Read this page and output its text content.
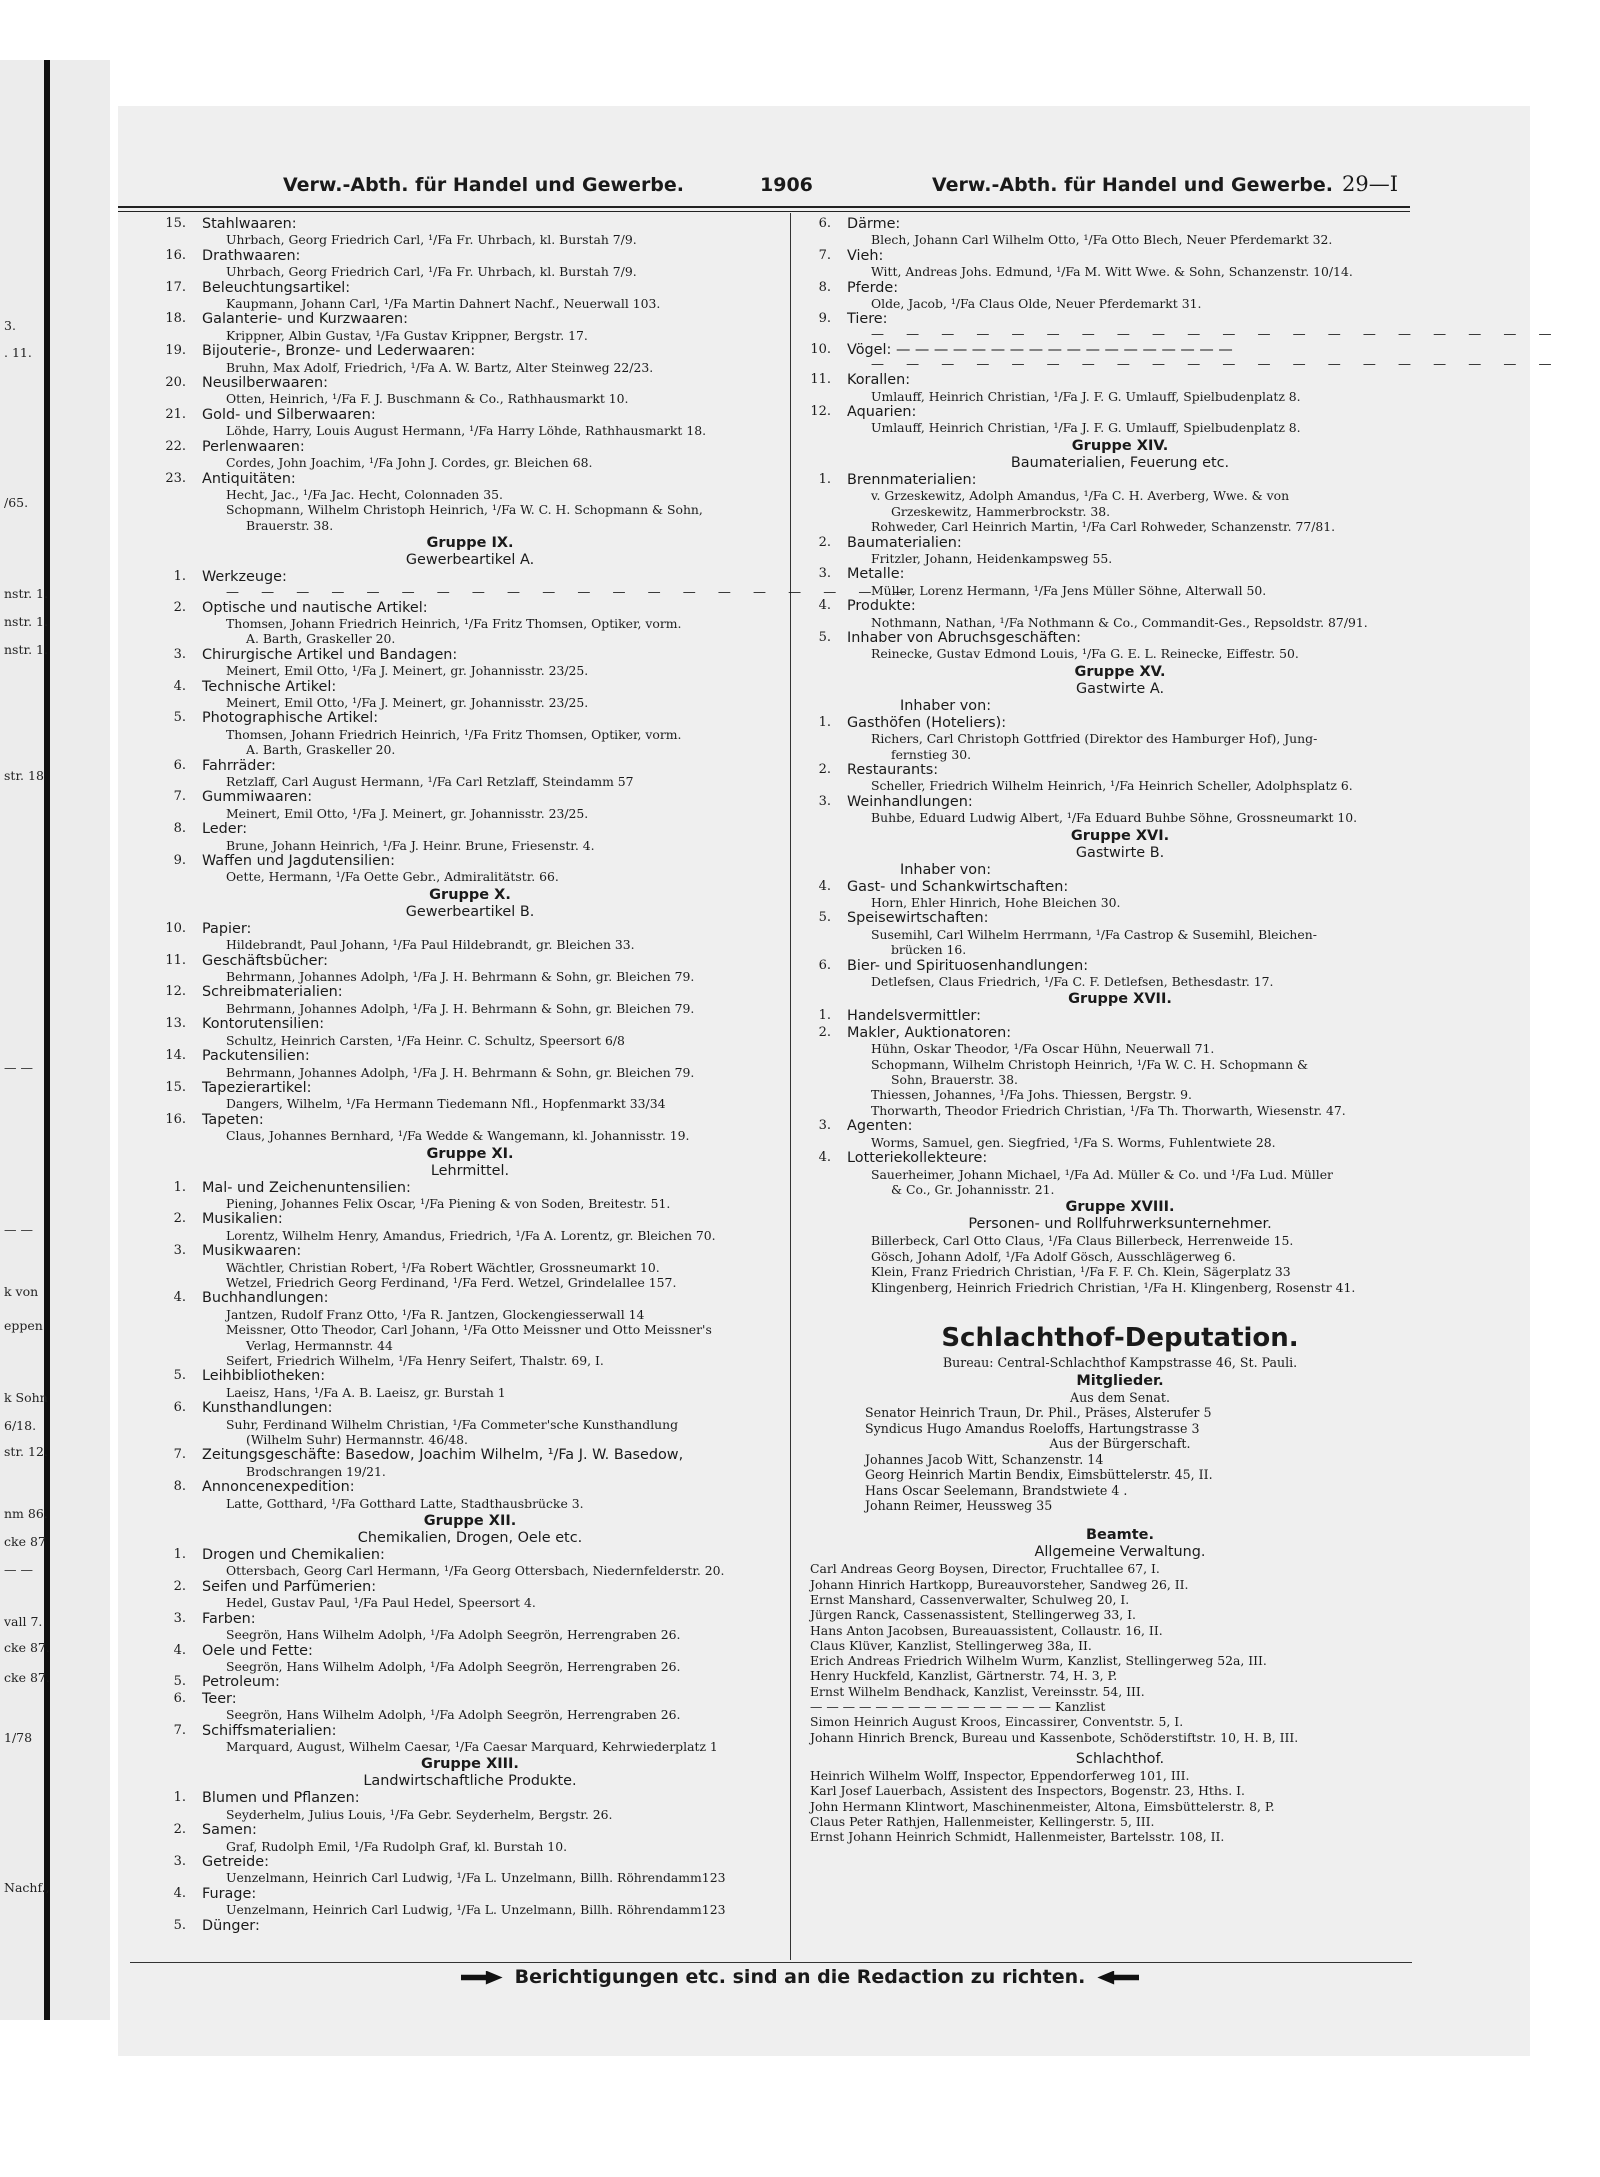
3.
. 11.
/65.
nstr. 1.
nstr. 1.
nstr. 1.
str. 18
— —
— —
k von
eppen
k Sohn
6/18.
str. 12.
nm 86.
cke 87
— —
vall 7.
cke 87.
cke 87.
1/78
Nachf.,
Verw.-Abth. für Handel und Gewerbe.	1906	Verw.-Abth. für Handel und Gewerbe. 29—I
15. Stahlwaaren:
Uhrbach, Georg Friedrich Carl, ¹/Fa Fr. Uhrbach, kl. Burstah 7/9.
16. Drathwaaren:
Uhrbach, Georg Friedrich Carl, ¹/Fa Fr. Uhrbach, kl. Burstah 7/9.
17. Beleuchtungsartikel:
Kaupmann, Johann Carl, ¹/Fa Martin Dahnert Nachf., Neuerwall 103.
18. Galanterie- und Kurzwaaren:
Krippner, Albin Gustav, ¹/Fa Gustav Krippner, Bergstr. 17.
19. Bijouterie-, Bronze- und Lederwaaren:
Bruhn, Max Adolf, Friedrich, ¹/Fa A. W. Bartz, Alter Steinweg 22/23.
20. Neusilberwaaren:
Otten, Heinrich, ¹/Fa F. J. Buschmann & Co., Rathhausmarkt 10.
21. Gold- und Silberwaaren:
Löhde, Harry, Louis August Hermann, ¹/Fa Harry Löhde, Rathhausmarkt 18.
22. Perlenwaaren:
Cordes, John Joachim, ¹/Fa John J. Cordes, gr. Bleichen 68.
23. Antiquitäten:
Hecht, Jac., ¹/Fa Jac. Hecht, Colonnaden 35.
Schopmann, Wilhelm Christoph Heinrich, ¹/Fa W. C. H. Schopmann & Sohn,
Brauerstr. 38.
Gruppe IX.
Gewerbeartikel A.
1. Werkzeuge:
— — — — — — — — — — — — — — — — — — — —
2. Optische und nautische Artikel:
Thomsen, Johann Friedrich Heinrich, ¹/Fa Fritz Thomsen, Optiker, vorm.
A. Barth, Graskeller 20.
3. Chirurgische Artikel und Bandagen:
Meinert, Emil Otto, ¹/Fa J. Meinert, gr. Johannisstr. 23/25.
4. Technische Artikel:
Meinert, Emil Otto, ¹/Fa J. Meinert, gr. Johannisstr. 23/25.
5. Photographische Artikel:
Thomsen, Johann Friedrich Heinrich, ¹/Fa Fritz Thomsen, Optiker, vorm.
A. Barth, Graskeller 20.
6. Fahrräder:
Retzlaff, Carl August Hermann, ¹/Fa Carl Retzlaff, Steindamm 57
7. Gummiwaaren:
Meinert, Emil Otto, ¹/Fa J. Meinert, gr. Johannisstr. 23/25.
8. Leder:
Brune, Johann Heinrich, ¹/Fa J. Heinr. Brune, Friesenstr. 4.
9. Waffen und Jagdutensilien:
Oette, Hermann, ¹/Fa Oette Gebr., Admiralitätstr. 66.
Gruppe X.
Gewerbeartikel B.
10. Papier:
Hildebrandt, Paul Johann, ¹/Fa Paul Hildebrandt, gr. Bleichen 33.
11. Geschäftsbücher:
Behrmann, Johannes Adolph, ¹/Fa J. H. Behrmann & Sohn, gr. Bleichen 79.
12. Schreibmaterialien:
Behrmann, Johannes Adolph, ¹/Fa J. H. Behrmann & Sohn, gr. Bleichen 79.
13. Kontorutensilien:
Schultz, Heinrich Carsten, ¹/Fa Heinr. C. Schultz, Speersort 6/8
14. Packutensilien:
Behrmann, Johannes Adolph, ¹/Fa J. H. Behrmann & Sohn, gr. Bleichen 79.
15. Tapezierartikel:
Dangers, Wilhelm, ¹/Fa Hermann Tiedemann Nfl., Hopfenmarkt 33/34
16. Tapeten:
Claus, Johannes Bernhard, ¹/Fa Wedde & Wangemann, kl. Johannisstr. 19.
Gruppe XI.
Lehrmittel.
1. Mal- und Zeichenuntensilien:
Piening, Johannes Felix Oscar, ¹/Fa Piening & von Soden, Breitestr. 51.
2. Musikalien:
Lorentz, Wilhelm Henry, Amandus, Friedrich, ¹/Fa A. Lorentz, gr. Bleichen 70.
3. Musikwaaren:
Wächtler, Christian Robert, ¹/Fa Robert Wächtler, Grossneumarkt 10.
Wetzel, Friedrich Georg Ferdinand, ¹/Fa Ferd. Wetzel, Grindelallee 157.
4. Buchhandlungen:
Jantzen, Rudolf Franz Otto, ¹/Fa R. Jantzen, Glockengiesserwall 14
Meissner, Otto Theodor, Carl Johann, ¹/Fa Otto Meissner und Otto Meissner's
Verlag, Hermannstr. 44
Seifert, Friedrich Wilhelm, ¹/Fa Henry Seifert, Thalstr. 69, I.
5. Leihbibliotheken:
Laeisz, Hans, ¹/Fa A. B. Laeisz, gr. Burstah 1
6. Kunsthandlungen:
Suhr, Ferdinand Wilhelm Christian, ¹/Fa Commeter'sche Kunsthandlung
(Wilhelm Suhr) Hermannstr. 46/48.
7. Zeitungsgeschäfte: Basedow, Joachim Wilhelm, ¹/Fa J. W. Basedow,
Brodschrangen 19/21.
8. Annoncenexpedition:
Latte, Gotthard, ¹/Fa Gotthard Latte, Stadthausbrücke 3.
Gruppe XII.
Chemikalien, Drogen, Oele etc.
1. Drogen und Chemikalien:
Ottersbach, Georg Carl Hermann, ¹/Fa Georg Ottersbach, Niedernfelderstr. 20.
2. Seifen und Parfümerien:
Hedel, Gustav Paul, ¹/Fa Paul Hedel, Speersort 4.
3. Farben:
Seegrön, Hans Wilhelm Adolph, ¹/Fa Adolph Seegrön, Herrengraben 26.
4. Oele und Fette:
Seegrön, Hans Wilhelm Adolph, ¹/Fa Adolph Seegrön, Herrengraben 26.
5. Petroleum:
6. Teer:
Seegrön, Hans Wilhelm Adolph, ¹/Fa Adolph Seegrön, Herrengraben 26.
7. Schiffsmaterialien:
Marquard, August, Wilhelm Caesar, ¹/Fa Caesar Marquard, Kehrwiederplatz 1
Gruppe XIII.
Landwirtschaftliche Produkte.
1. Blumen und Pflanzen:
Seyderhelm, Julius Louis, ¹/Fa Gebr. Seyderhelm, Bergstr. 26.
2. Samen:
Graf, Rudolph Emil, ¹/Fa Rudolph Graf, kl. Burstah 10.
3. Getreide:
Uenzelmann, Heinrich Carl Ludwig, ¹/Fa L. Unzelmann, Billh. Röhrendamm123
4. Furage:
Uenzelmann, Heinrich Carl Ludwig, ¹/Fa L. Unzelmann, Billh. Röhrendamm123
5. Dünger:
6. Därme:
Blech, Johann Carl Wilhelm Otto, ¹/Fa Otto Blech, Neuer Pferdemarkt 32.
7. Vieh:
Witt, Andreas Johs. Edmund, ¹/Fa M. Witt Wwe. & Sohn, Schanzenstr. 10/14.
8. Pferde:
Olde, Jacob, ¹/Fa Claus Olde, Neuer Pferdemarkt 31.
9. Tiere:
— — — — — — — — — — — — — — — — — — — —
10. Vögel: — — — — — — — — — — — — — — — — — —
— — — — — — — — — — — — — — — — — — — —
11. Korallen:
Umlauff, Heinrich Christian, ¹/Fa J. F. G. Umlauff, Spielbudenplatz 8.
12. Aquarien:
Umlauff, Heinrich Christian, ¹/Fa J. F. G. Umlauff, Spielbudenplatz 8.
Gruppe XIV.
Baumaterialien, Feuerung etc.
1. Brennmaterialien:
v. Grzeskewitz, Adolph Amandus, ¹/Fa C. H. Averberg, Wwe. & von
Grzeskewitz, Hammerbrockstr. 38.
Rohweder, Carl Heinrich Martin, ¹/Fa Carl Rohweder, Schanzenstr. 77/81.
2. Baumaterialien:
Fritzler, Johann, Heidenkampsweg 55.
3. Metalle:
Müller, Lorenz Hermann, ¹/Fa Jens Müller Söhne, Alterwall 50.
4. Produkte:
Nothmann, Nathan, ¹/Fa Nothmann & Co., Commandit-Ges., Repsoldstr. 87/91.
5. Inhaber von Abruchsgeschäften:
Reinecke, Gustav Edmond Louis, ¹/Fa G. E. L. Reinecke, Eiffestr. 50.
Gruppe XV.
Gastwirte A.
Inhaber von:
1. Gasthöfen (Hoteliers):
Richers, Carl Christoph Gottfried (Direktor des Hamburger Hof), Jung-
fernstieg 30.
2. Restaurants:
Scheller, Friedrich Wilhelm Heinrich, ¹/Fa Heinrich Scheller, Adolphsplatz 6.
3. Weinhandlungen:
Buhbe, Eduard Ludwig Albert, ¹/Fa Eduard Buhbe Söhne, Grossneumarkt 10.
Gruppe XVI.
Gastwirte B.
Inhaber von:
4. Gast- und Schankwirtschaften:
Horn, Ehler Hinrich, Hohe Bleichen 30.
5. Speisewirtschaften:
Susemihl, Carl Wilhelm Herrmann, ¹/Fa Castrop & Susemihl, Bleichen-
brücken 16.
6. Bier- und Spirituosenhandlungen:
Detlefsen, Claus Friedrich, ¹/Fa C. F. Detlefsen, Bethesdastr. 17.
Gruppe XVII.
1. Handelsvermittler:
2. Makler, Auktionatoren:
Hühn, Oskar Theodor, ¹/Fa Oscar Hühn, Neuerwall 71.
Schopmann, Wilhelm Christoph Heinrich, ¹/Fa W. C. H. Schopmann &
Sohn, Brauerstr. 38.
Thiessen, Johannes, ¹/Fa Johs. Thiessen, Bergstr. 9.
Thorwarth, Theodor Friedrich Christian, ¹/Fa Th. Thorwarth, Wiesenstr. 47.
3. Agenten:
Worms, Samuel, gen. Siegfried, ¹/Fa S. Worms, Fuhlentwiete 28.
4. Lotteriekollekteure:
Sauerheimer, Johann Michael, ¹/Fa Ad. Müller & Co. und ¹/Fa Lud. Müller
& Co., Gr. Johannisstr. 21.
Gruppe XVIII.
Personen- und Rollfuhrwerksunternehmer.
Billerbeck, Carl Otto Claus, ¹/Fa Claus Billerbeck, Herrenweide 15.
Gösch, Johann Adolf, ¹/Fa Adolf Gösch, Ausschlägerweg 6.
Klein, Franz Friedrich Christian, ¹/Fa F. F. Ch. Klein, Sägerplatz 33
Klingenberg, Heinrich Friedrich Christian, ¹/Fa H. Klingenberg, Rosenstr 41.
Schlachthof-Deputation.
Bureau: Central-Schlachthof Kampstrasse 46, St. Pauli.
Mitglieder.
Aus dem Senat.
Senator Heinrich Traun, Dr. Phil., Präses, Alsterufer 5
Syndicus Hugo Amandus Roeloffs, Hartungstrasse 3
Aus der Bürgerschaft.
Johannes Jacob Witt, Schanzenstr. 14
Georg Heinrich Martin Bendix, Eimsbüttelerstr. 45, II.
Hans Oscar Seelemann, Brandstwiete 4 .
Johann Reimer, Heussweg 35
Beamte.
Allgemeine Verwaltung.
Carl Andreas Georg Boysen, Director, Fruchtallee 67, I.
Johann Hinrich Hartkopp, Bureauvorsteher, Sandweg 26, II.
Ernst Manshard, Cassenverwalter, Schulweg 20, I.
Jürgen Ranck, Cassenassistent, Stellingerweg 33, I.
Hans Anton Jacobsen, Bureauassistent, Collaustr. 16, II.
Claus Klüver, Kanzlist, Stellingerweg 38a, II.
Erich Andreas Friedrich Wilhelm Wurm, Kanzlist, Stellingerweg 52a, III.
Henry Huckfeld, Kanzlist, Gärtnerstr. 74, H. 3, P.
Ernst Wilhelm Bendhack, Kanzlist, Vereinsstr. 54, III.
— — — — — — — — — — — — — — — Kanzlist
Simon Heinrich August Kroos, Eincassirer, Conventstr. 5, I.
Johann Hinrich Brenck, Bureau und Kassenbote, Schöderstiftstr. 10, H. B, III.
Schlachthof.
Heinrich Wilhelm Wolff, Inspector, Eppendorferweg 101, III.
Karl Josef Lauerbach, Assistent des Inspectors, Bogenstr. 23, Hths. I.
John Hermann Klintwort, Maschinenmeister, Altona, Eimsbüttelerstr. 8, P.
Claus Peter Rathjen, Hallenmeister, Kellingerstr. 5, III.
Ernst Johann Heinrich Schmidt, Hallenmeister, Bartelsstr. 108, II.
Berichtigungen etc. sind an die Redaction zu richten.
